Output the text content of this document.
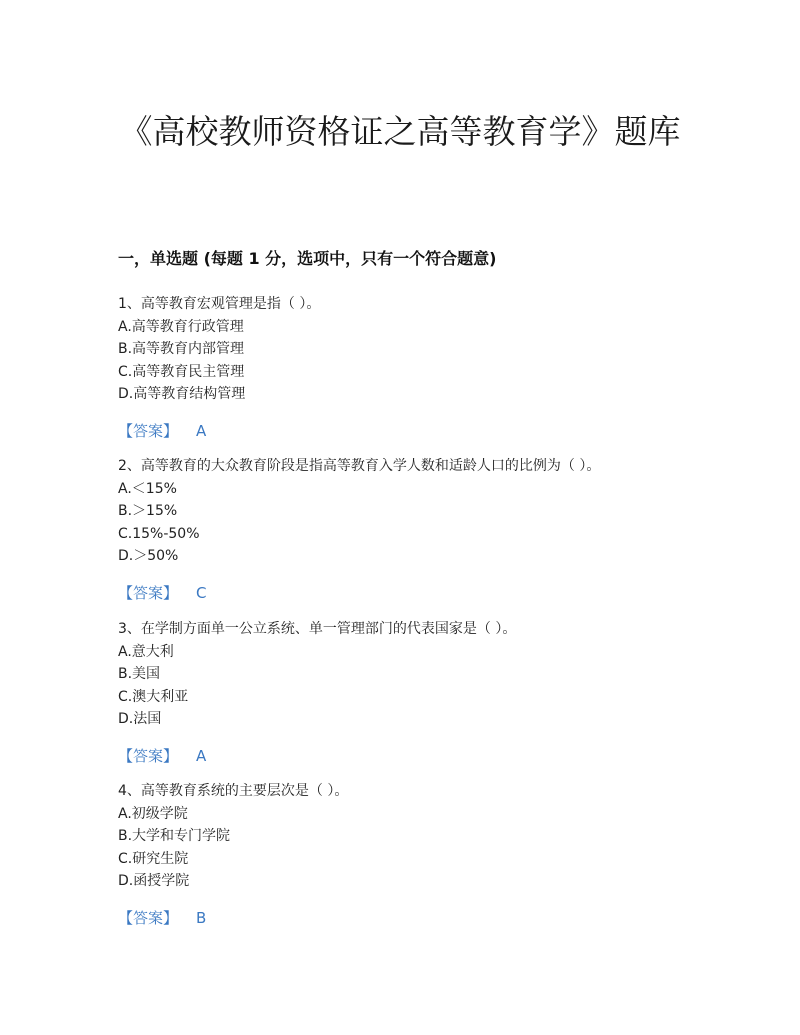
《高校教师资格证之高等教育学》题库
一，单选题 (每题 1 分，选项中，只有一个符合题意)
1、高等教育宏观管理是指（ ）。
A.高等教育行政管理
B.高等教育内部管理
C.高等教育民主管理
D.高等教育结构管理
【答案】 A
2、高等教育的大众教育阶段是指高等教育入学人数和适龄人口的比例为（ ）。
A.＜15%
B.＞15%
C.15%-50%
D.＞50%
【答案】 C
3、在学制方面单一公立系统、单一管理部门的代表国家是（ ）。
A.意大利
B.美国
C.澳大利亚
D.法国
【答案】 A
4、高等教育系统的主要层次是（ ）。
A.初级学院
B.大学和专门学院
C.研究生院
D.函授学院
【答案】 B
